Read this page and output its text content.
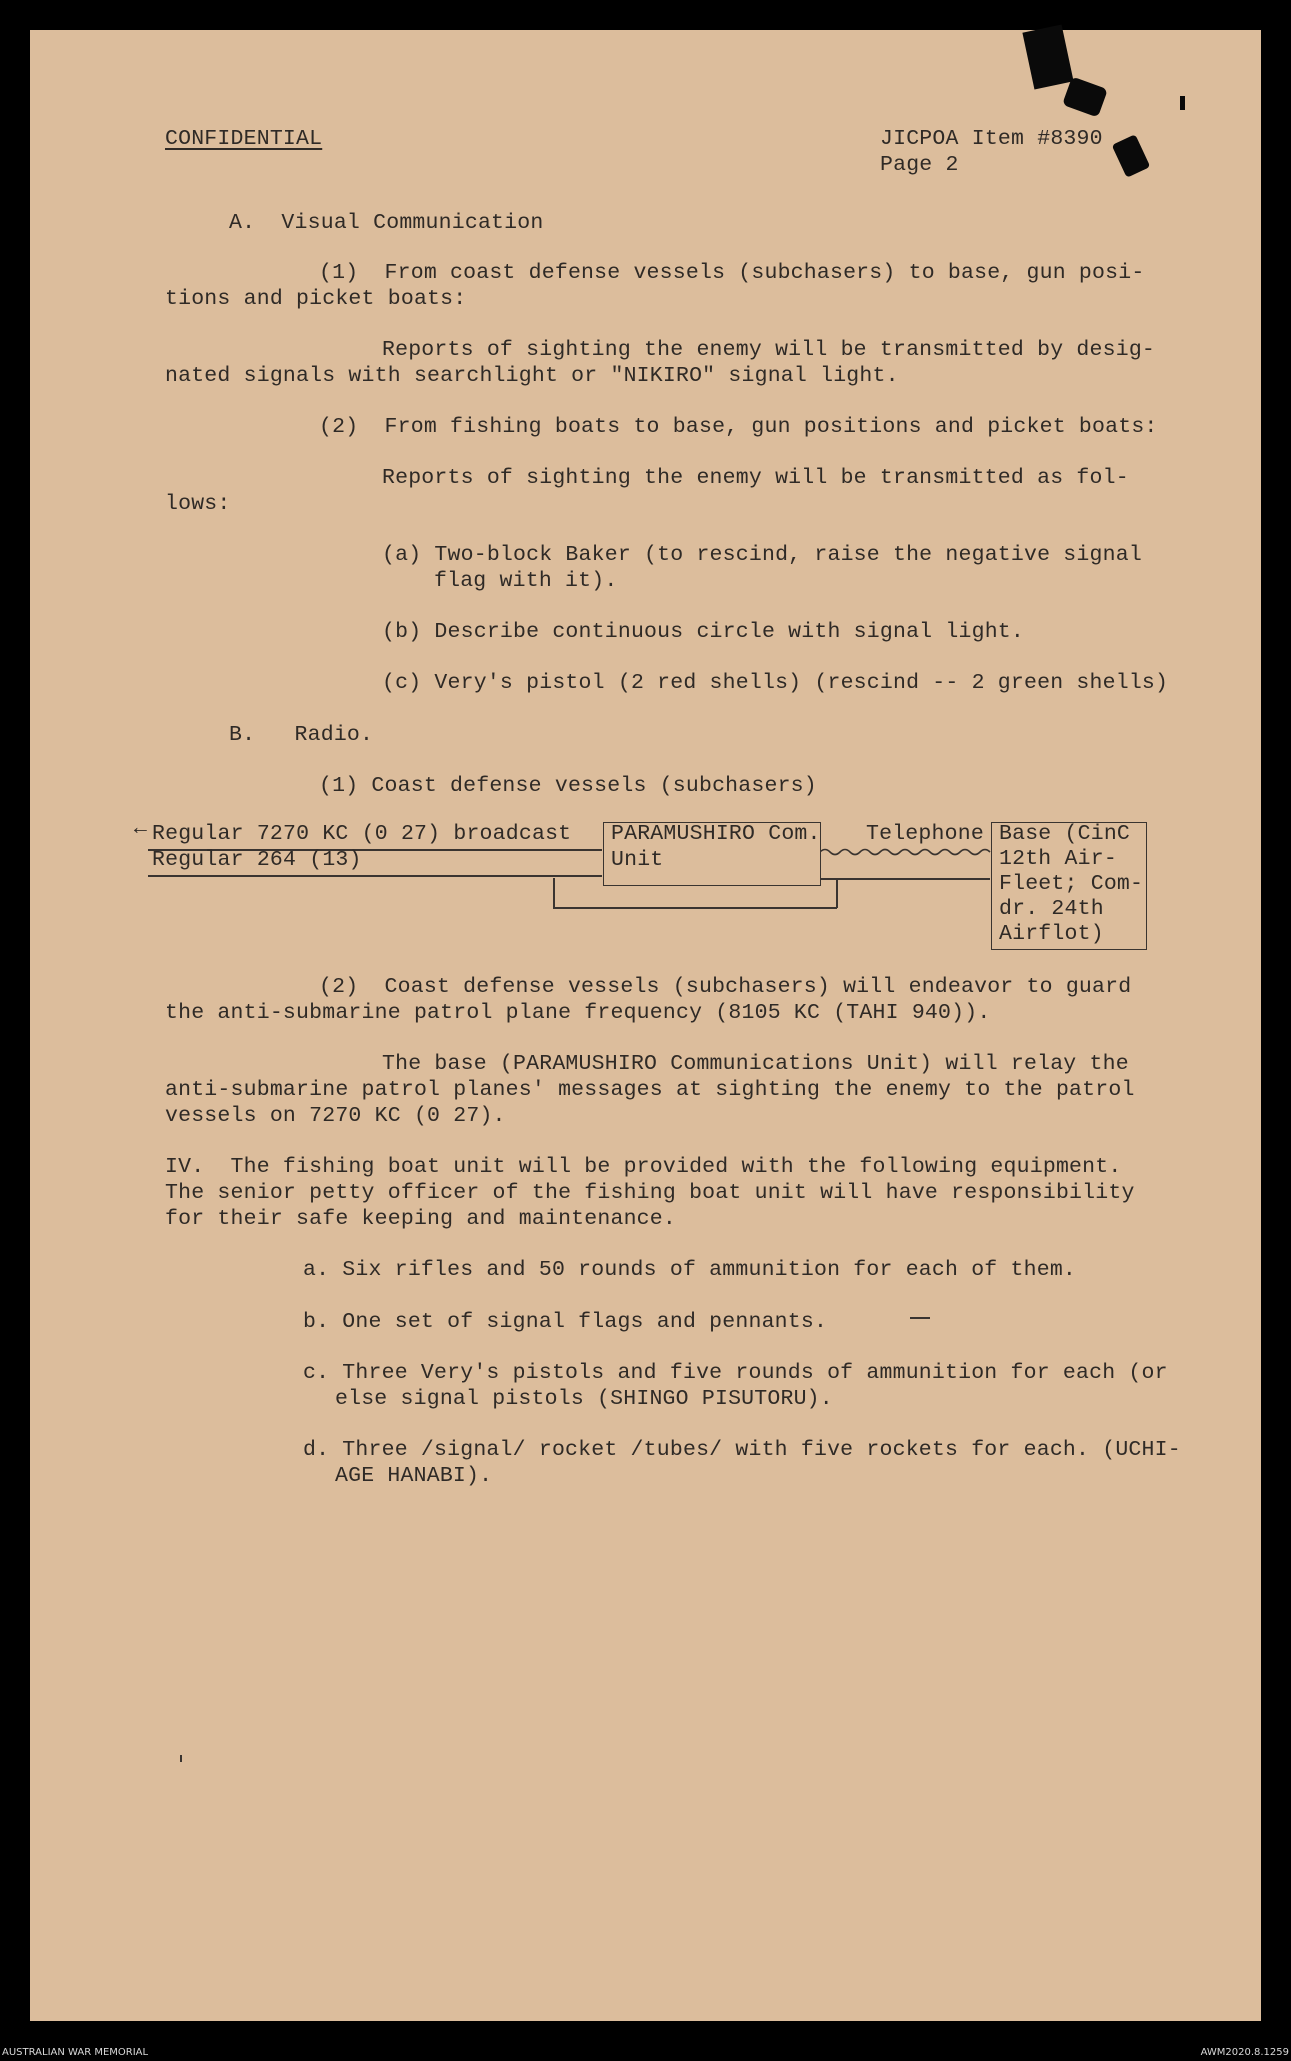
CONFIDENTIAL	JICPOA Item #8390
Page 2
A.  Visual Communication
(1)  From coast defense vessels (subchasers) to base, gun posi-
tions and picket boats:
Reports of sighting the enemy will be transmitted by desig-
nated signals with searchlight or "NIKIRO" signal light.
(2)  From fishing boats to base, gun positions and picket boats:
Reports of sighting the enemy will be transmitted as fol-
lows:
(a) Two-block Baker (to rescind, raise the negative signal
flag with it).
(b) Describe continuous circle with signal light.
(c) Very's pistol (2 red shells) (rescind -- 2 green shells)
B.   Radio.
(1) Coast defense vessels (subchasers)
← Regular 7270 KC (0 27) broadcast
Regular 264 (13)
PARAMUSHIRO Com.
Unit
Telephone Base (CinC
12th Air-
Fleet; Com-
dr. 24th
Airflot)
(2)  Coast defense vessels (subchasers) will endeavor to guard
the anti-submarine patrol plane frequency (8105 KC (TAHI 940)).
The base (PARAMUSHIRO Communications Unit) will relay the
anti-submarine patrol planes' messages at sighting the enemy to the patrol
vessels on 7270 KC (0 27).
IV.  The fishing boat unit will be provided with the following equipment.
The senior petty officer of the fishing boat unit will have responsibility
for their safe keeping and maintenance.
a. Six rifles and 50 rounds of ammunition for each of them.
b. One set of signal flags and pennants.
c. Three Very's pistols and five rounds of ammunition for each (or
else signal pistols (SHINGO PISUTORU).
d. Three /signal/ rocket /tubes/ with five rockets for each. (UCHI-
AGE HANABI).
AUSTRALIAN WAR MEMORIAL	AWM2020.8.1259
